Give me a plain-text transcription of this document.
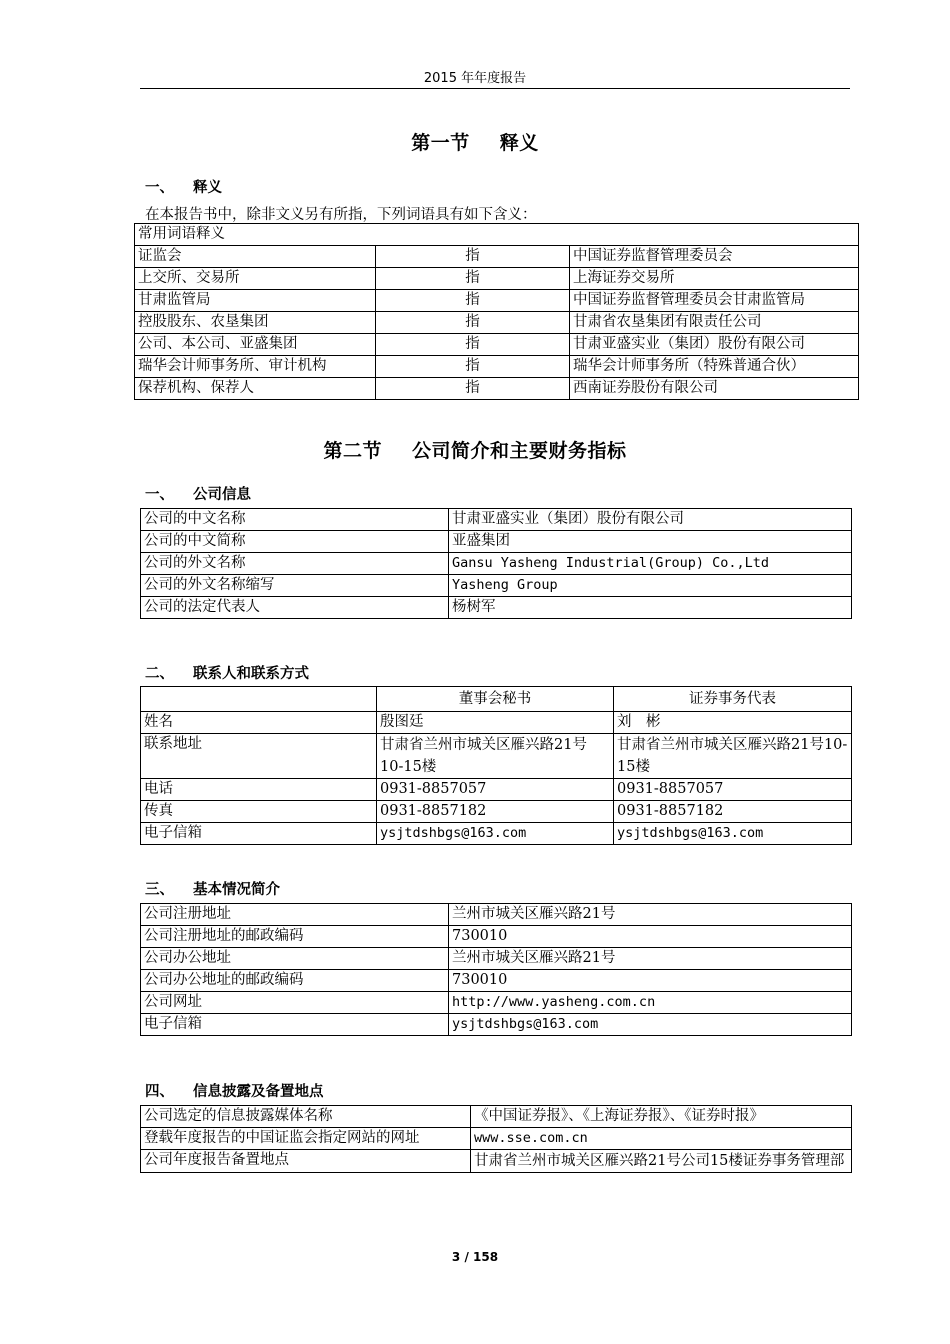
2015 年年度报告
第一节 释义
一、 释义
在本报告书中，除非文义另有所指，下列词语具有如下含义：
常用词语释义		
证监会	指	中国证券监督管理委员会
上交所、交易所	指	上海证券交易所
甘肃监管局	指	中国证券监督管理委员会甘肃监管局
控股股东、农垦集团	指	甘肃省农垦集团有限责任公司
公司、本公司、亚盛集团	指	甘肃亚盛实业（集团）股份有限公司
瑞华会计师事务所、审计机构	指	瑞华会计师事务所（特殊普通合伙）
保荐机构、保荐人	指	西南证券股份有限公司
第二节 公司简介和主要财务指标
一、 公司信息
公司的中文名称	甘肃亚盛实业（集团）股份有限公司
公司的中文简称	亚盛集团
公司的外文名称	Gansu Yasheng Industrial(Group) Co.,Ltd
公司的外文名称缩写	Yasheng Group
公司的法定代表人	杨树军
二、 联系人和联系方式
	董事会秘书	证券事务代表
姓名	殷图廷	刘　彬
联系地址	甘肃省兰州市城关区雁兴路21号10-15楼	甘肃省兰州市城关区雁兴路21号10-15楼
电话	0931-8857057	0931-8857057
传真	0931-8857182	0931-8857182
电子信箱	ysjtdshbgs@163.com	ysjtdshbgs@163.com
三、 基本情况简介
公司注册地址	兰州市城关区雁兴路21号
公司注册地址的邮政编码	730010
公司办公地址	兰州市城关区雁兴路21号
公司办公地址的邮政编码	730010
公司网址	http://www.yasheng.com.cn
电子信箱	ysjtdshbgs@163.com
四、 信息披露及备置地点
公司选定的信息披露媒体名称	《中国证券报》、《上海证券报》、《证券时报》
登载年度报告的中国证监会指定网站的网址	www.sse.com.cn
公司年度报告备置地点	甘肃省兰州市城关区雁兴路21号公司15楼证券事务管理部
3 / 158
